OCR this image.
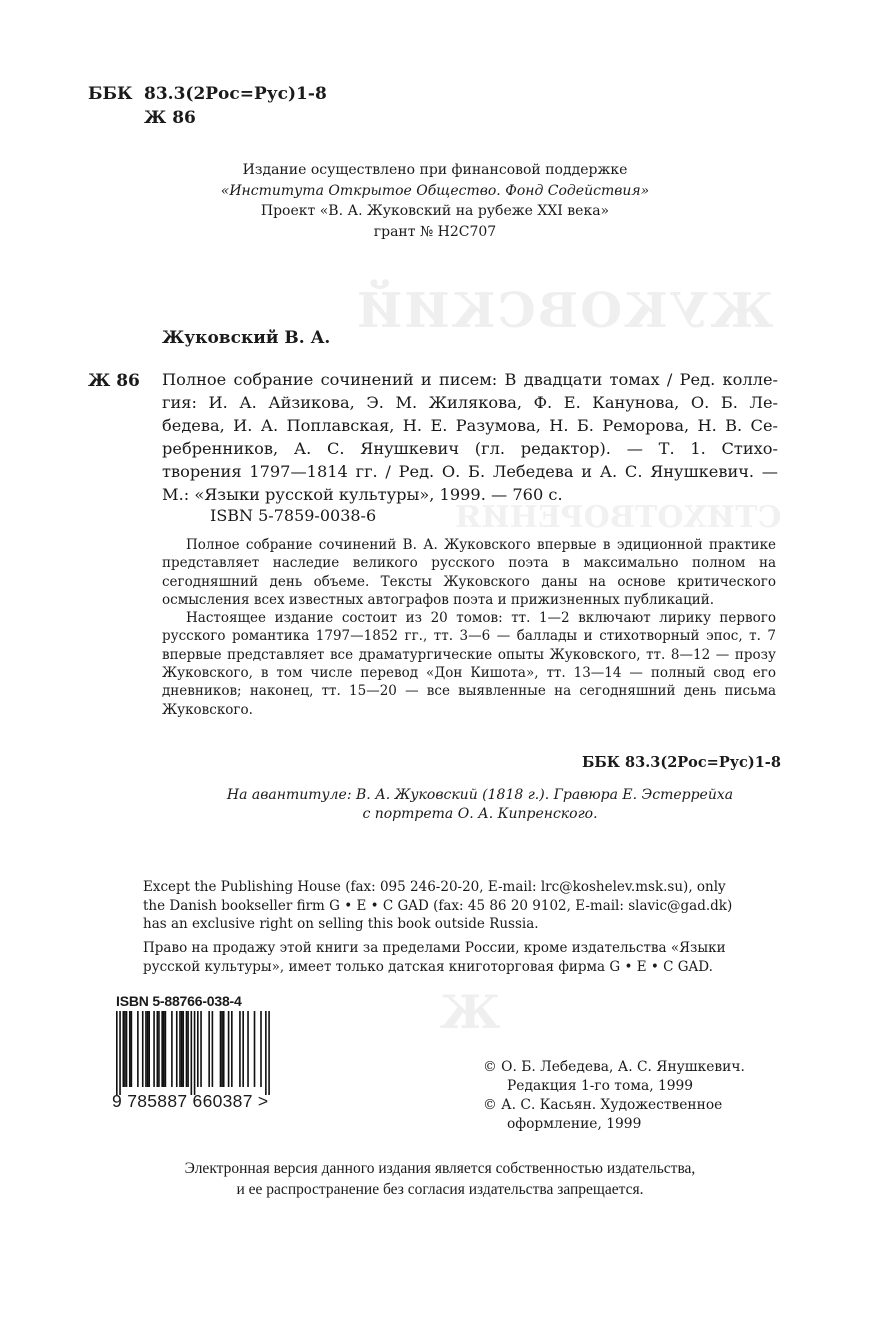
ЖУКОВСКИЙ
СТИХОТВОРЕНИЯ
Ж
ББК 83.3(2Рос=Рус)1-8
Ж 86
Издание осуществлено при финансовой поддержке
«Института Открытое Общество. Фонд Содействия»
Проект «В. А. Жуковский на рубеже XXI века»
грант № Н2С707
Жуковский В. А.
Ж 86 Полное собрание сочинений и писем: В двадцати томах / Ред. колле-
гия: И. А. Айзикова, Э. М. Жилякова, Ф. Е. Канунова, О. Б. Ле-
бедева, И. А. Поплавская, Н. Е. Разумова, Н. Б. Реморова, Н. В. Се-
ребренников, А. С. Янушкевич (гл. редактор). — Т. 1. Стихо-
творения 1797—1814 гг. / Ред. О. Б. Лебедева и А. С. Янушкевич. — М.: «Языки русской культуры», 1999. — 760 с.
ISBN 5-7859-0038-6

Полное собрание сочинений В. А. Жуковского впервые в эдиционной практике представляет наследие великого русского поэта в максимально полном на сегодняшний день объеме. Тексты Жуковского даны на основе критического осмысления всех известных автографов поэта и прижизненных публикаций.

Настоящее издание состоит из 20 томов: тт. 1—2 включают лирику первого русского романтика 1797—1852 гг., тт. 3—6 — баллады и стихотворный эпос, т. 7 впервые представляет все драматургические опыты Жуковского, тт. 8—12 — прозу Жуковского, в том числе перевод «Дон Кишота», тт. 13—14 — полный свод его дневников; наконец, тт. 15—20 — все выявленные на сегодняшний день письма Жуковского.

ББК 83.3(2Рос=Рус)1-8
На авантитуле: В. А. Жуковский (1818 г.). Гравюра Е. Эстеррейха
с портрета О. А. Кипренского.

Except the Publishing House (fax: 095 246-20-20, E-mail: lrc@koshelev.msk.su), only

the Danish bookseller firm G • E • C GAD (fax: 45 86 20 9102, E-mail: slavic@gad.dk)

has an exclusive right on selling this book outside Russia.

Право на продажу этой книги за пределами России, кроме издательства «Языки

русской культуры», имеет только датская книготорговая фирма G • E • C GAD.

ISBN 5-88766-038-4
9 785887 660387 >
© О. Б. Лебедева, А. С. Янушкевич.
Редакция 1-го тома, 1999
© А. С. Касьян. Художественное
оформление, 1999

Электронная версия данного издания является собственностью издательства,

и ее распространение без согласия издательства запрещается.
